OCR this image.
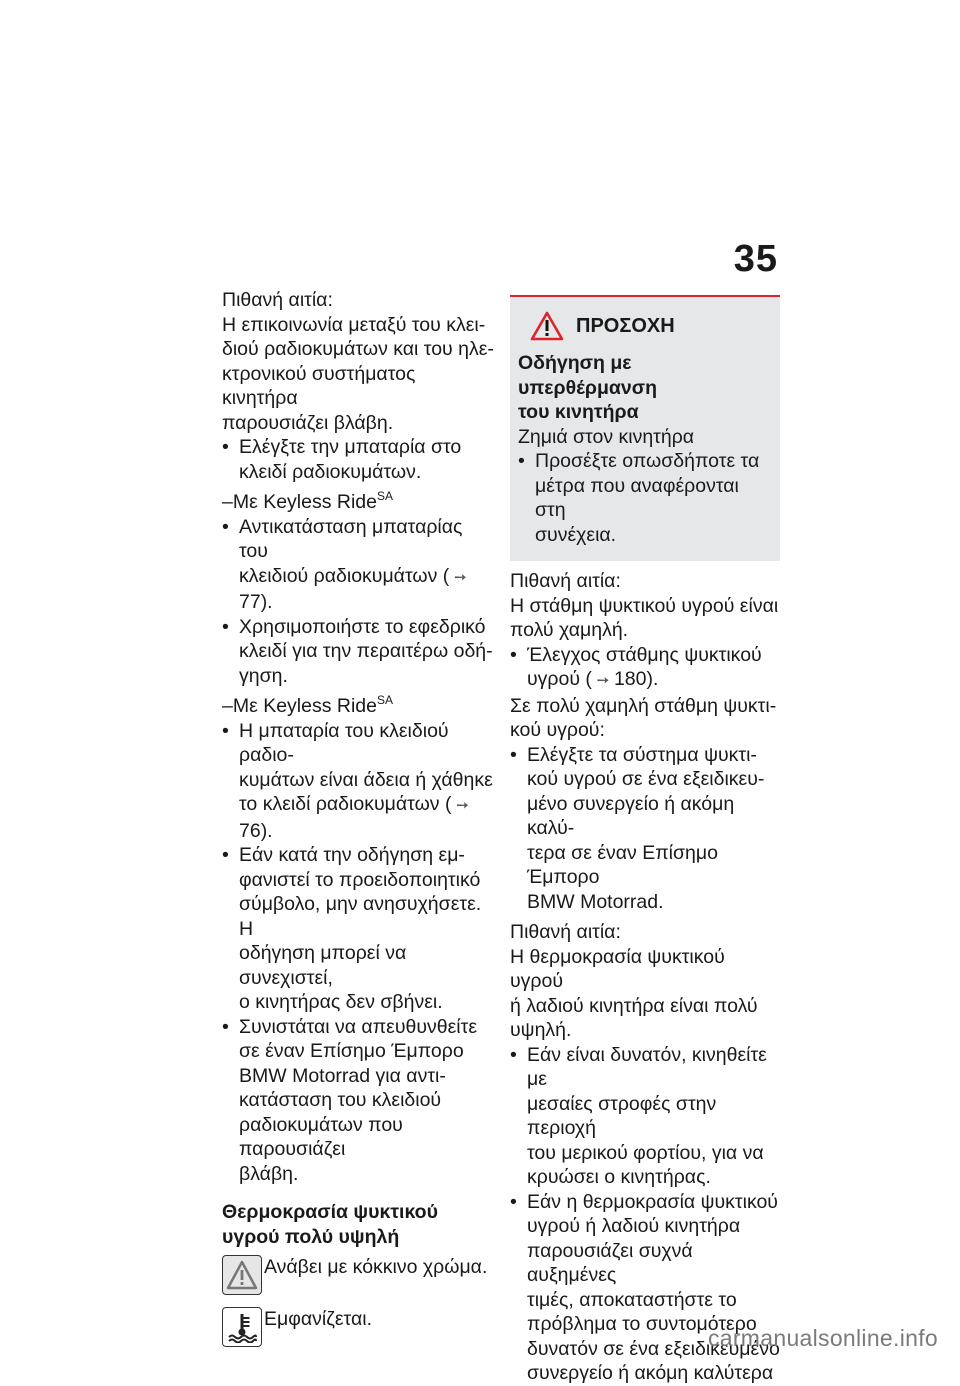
35

Πιθανή αιτία:

Η επικοινωνία μεταξύ του κλει-
διού ραδιοκυμάτων και του ηλε-
κτρονικού συστήματος κινητήρα
παρουσιάζει βλάβη.

• Ελέγξτε την μπαταρία στο
κλειδί ραδιοκυμάτων.
–Με Keyless Ride$^{SA}$
• Αντικατάσταση μπαταρίας του
κλειδιού ραδιοκυμάτων ( ➙77).
• Χρησιμοποιήστε το εφεδρικό
κλειδί για την περαιτέρω οδή-
γηση.
–Με Keyless Ride$^{SA}$
• Η μπαταρία του κλειδιού ραδιο-
κυμάτων είναι άδεια ή χάθηκε
το κλειδί ραδιοκυμάτων ( ➙76).
• Εάν κατά την οδήγηση εμ-
φανιστεί το προειδοποιητικό
σύμβολο, μην ανησυχήσετε. Η
οδήγηση μπορεί να συνεχιστεί,
ο κινητήρας δεν σβήνει.
• Συνιστάται να απευθυνθείτε
σε έναν Επίσημο Έμπορο
BMW Motorrad για αντι-
κατάσταση του κλειδιού
ραδιοκυμάτων που παρουσιάζει
βλάβη.
Θερμοκρασία ψυκτικού
υγρού πολύ υψηλή
Ανάβει με κόκκινο χρώμα.
Εμφανίζεται.
ΠΡΟΣΟΧΗ
Οδήγηση με υπερθέρμανση
του κινητήρα
Ζημιά στον κινητήρα
• Προσέξτε οπωσδήποτε τα
μέτρα που αναφέρονται στη
συνέχεια.

Πιθανή αιτία:

Η στάθμη ψυκτικού υγρού είναι
πολύ χαμηλή.

• Έλεγχος στάθμης ψυκτικού
υγρού ( ➙ 180).

Σε πολύ χαμηλή στάθμη ψυκτι-
κού υγρού:

• Ελέγξτε τα σύστημα ψυκτι-
κού υγρού σε ένα εξειδικευ-
μένο συνεργείο ή ακόμη καλύ-
τερα σε έναν Επίσημο Έμπορο
BMW Motorrad.

Πιθανή αιτία:

Η θερμοκρασία ψυκτικού υγρού
ή λαδιού κινητήρα είναι πολύ
υψηλή.

• Εάν είναι δυνατόν, κινηθείτε με
μεσαίες στροφές στην περιοχή
του μερικού φορτίου, για να
κρυώσει ο κινητήρας.
• Εάν η θερμοκρασία ψυκτικού
υγρού ή λαδιού κινητήρα
παρουσιάζει συχνά αυξημένες
τιμές, αποκαταστήστε το
πρόβλημα το συντομότερο
δυνατόν σε ένα εξειδικευμένο
συνεργείο ή ακόμη καλύτερα
carmanualsonline.info
